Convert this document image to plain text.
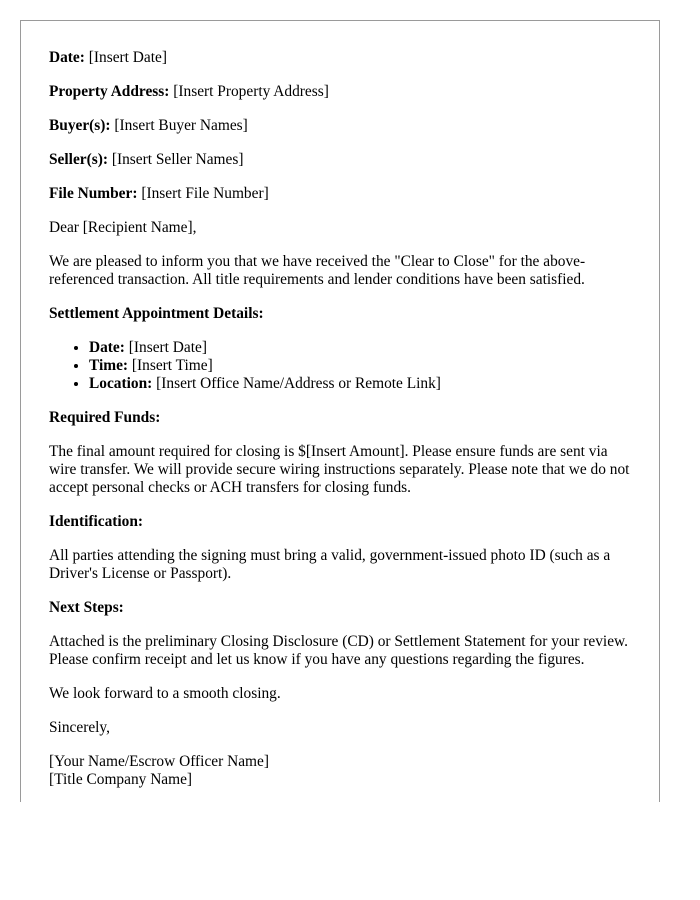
Date: [Insert Date]

Property Address: [Insert Property Address]

Buyer(s): [Insert Buyer Names]

Seller(s): [Insert Seller Names]

File Number: [Insert File Number]

Dear [Recipient Name],

We are pleased to inform you that we have received the "Clear to Close" for the above-referenced transaction. All title requirements and lender conditions have been satisfied.

Settlement Appointment Details:

• Date: [Insert Date]
• Time: [Insert Time]
• Location: [Insert Office Name/Address or Remote Link]

Required Funds:

The final amount required for closing is $[Insert Amount]. Please ensure funds are sent via wire transfer. We will provide secure wiring instructions separately. Please note that we do not accept personal checks or ACH transfers for closing funds.

Identification:

All parties attending the signing must bring a valid, government-issued photo ID (such as a Driver's License or Passport).

Next Steps:

Attached is the preliminary Closing Disclosure (CD) or Settlement Statement for your review. Please confirm receipt and let us know if you have any questions regarding the figures.

We look forward to a smooth closing.

Sincerely,

[Your Name/Escrow Officer Name]

[Title Company Name]
